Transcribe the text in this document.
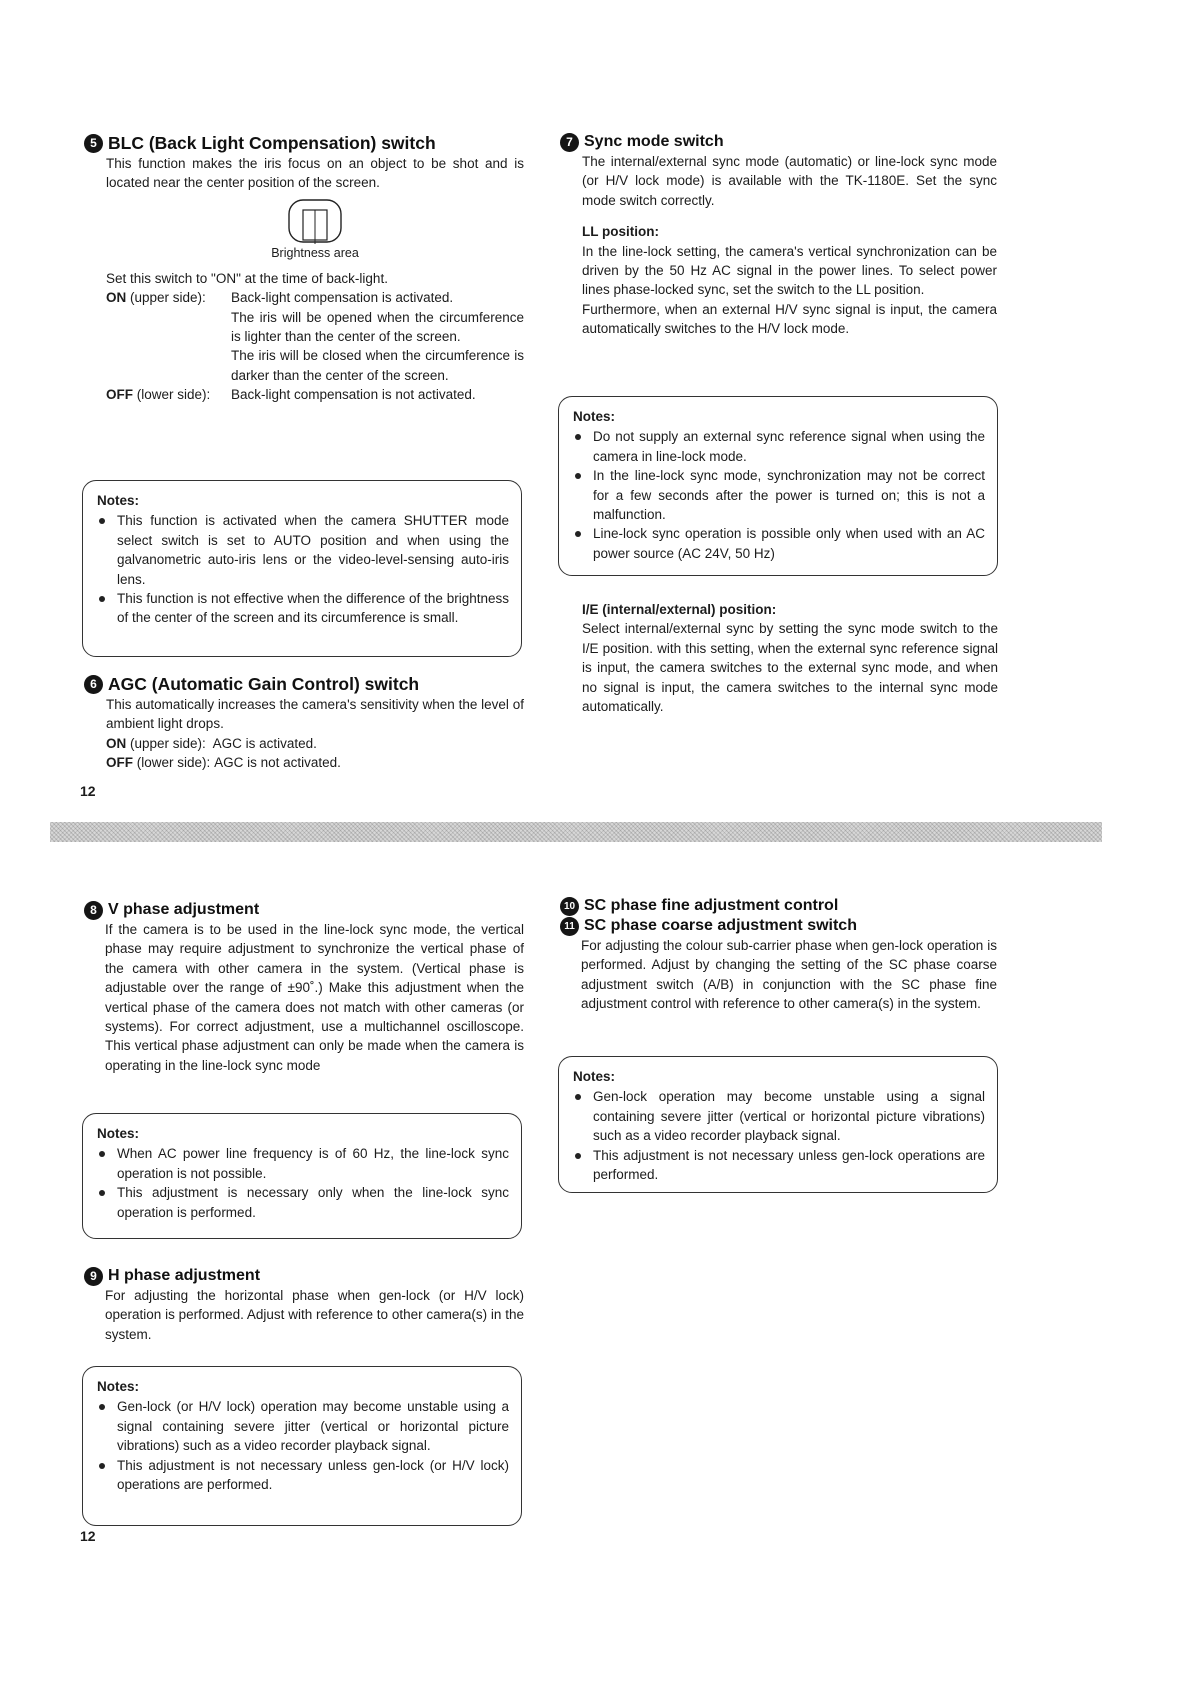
5 BLC (Back Light Compensation) switch

This function makes the iris focus on an object to be shot and is located near the center position of the screen.

Brightness area

Set this switch to "ON" at the time of back-light.

ON (upper side):	Back-light compensation is activated.
The iris will be opened when the circumference is lighter than the center of the screen.
The iris will be closed when the circumference is darker than the center of the screen.
OFF (lower side):	Back-light compensation is not activated.
Notes:
This function is activated when the camera SHUTTER mode select switch is set to AUTO position and when using the galvanometric auto-iris lens or the video-level-sensing auto-iris lens.
This function is not effective when the difference of the brightness of the center of the screen and its circumference is small.
6 AGC (Automatic Gain Control) switch

This automatically increases the camera's sensitivity when the level of ambient light drops.

ON (upper side): AGC is activated.
OFF (lower side): AGC is not activated.
12
7 Sync mode switch

The internal/external sync mode (automatic) or line-lock sync mode (or H/V lock mode) is available with the TK-1180E. Set the sync mode switch correctly.

LL position:

In the line-lock setting, the camera's vertical synchronization can be driven by the 50 Hz AC signal in the power lines. To select power lines phase-locked sync, set the switch to the LL position.

Furthermore, when an external H/V sync signal is input, the camera automatically switches to the H/V lock mode.

Notes:
Do not supply an external sync reference signal when using the camera in line-lock mode.
In the line-lock sync mode, synchronization may not be correct for a few seconds after the power is turned on; this is not a malfunction.
Line-lock sync operation is possible only when used with an AC power source (AC 24V, 50 Hz)

I/E (internal/external) position:

Select internal/external sync by setting the sync mode switch to the I/E position. with this setting, when the external sync reference signal is input, the camera switches to the external sync mode, and when no signal is input, the camera switches to the internal sync mode automatically.

8 V phase adjustment

If the camera is to be used in the line-lock sync mode, the vertical phase may require adjustment to synchronize the vertical phase of the camera with other camera in the system. (Vertical phase is adjustable over the range of ±90˚.) Make this adjustment when the vertical phase of the camera does not match with other cameras (or systems). For correct adjustment, use a multichannel oscilloscope. This vertical phase adjustment can only be made when the camera is operating in the line-lock sync mode

Notes:
When AC power line frequency is of 60 Hz, the line-lock sync operation is not possible.
This adjustment is necessary only when the line-lock sync operation is performed.
9 H phase adjustment

For adjusting the horizontal phase when gen-lock (or H/V lock) operation is performed. Adjust with reference to other camera(s) in the system.

Notes:
Gen-lock (or H/V lock) operation may become unstable using a signal containing severe jitter (vertical or horizontal picture vibrations) such as a video recorder playback signal.
This adjustment is not necessary unless gen-lock (or H/V lock) operations are performed.
12
10 SC phase fine adjustment control
11 SC phase coarse adjustment switch

For adjusting the colour sub-carrier phase when gen-lock operation is performed. Adjust by changing the setting of the SC phase coarse adjustment switch (A/B) in conjunction with the SC phase fine adjustment control with reference to other camera(s) in the system.

Notes:
Gen-lock operation may become unstable using a signal containing severe jitter (vertical or horizontal picture vibrations) such as a video recorder playback signal.
This adjustment is not necessary unless gen-lock operations are performed.
